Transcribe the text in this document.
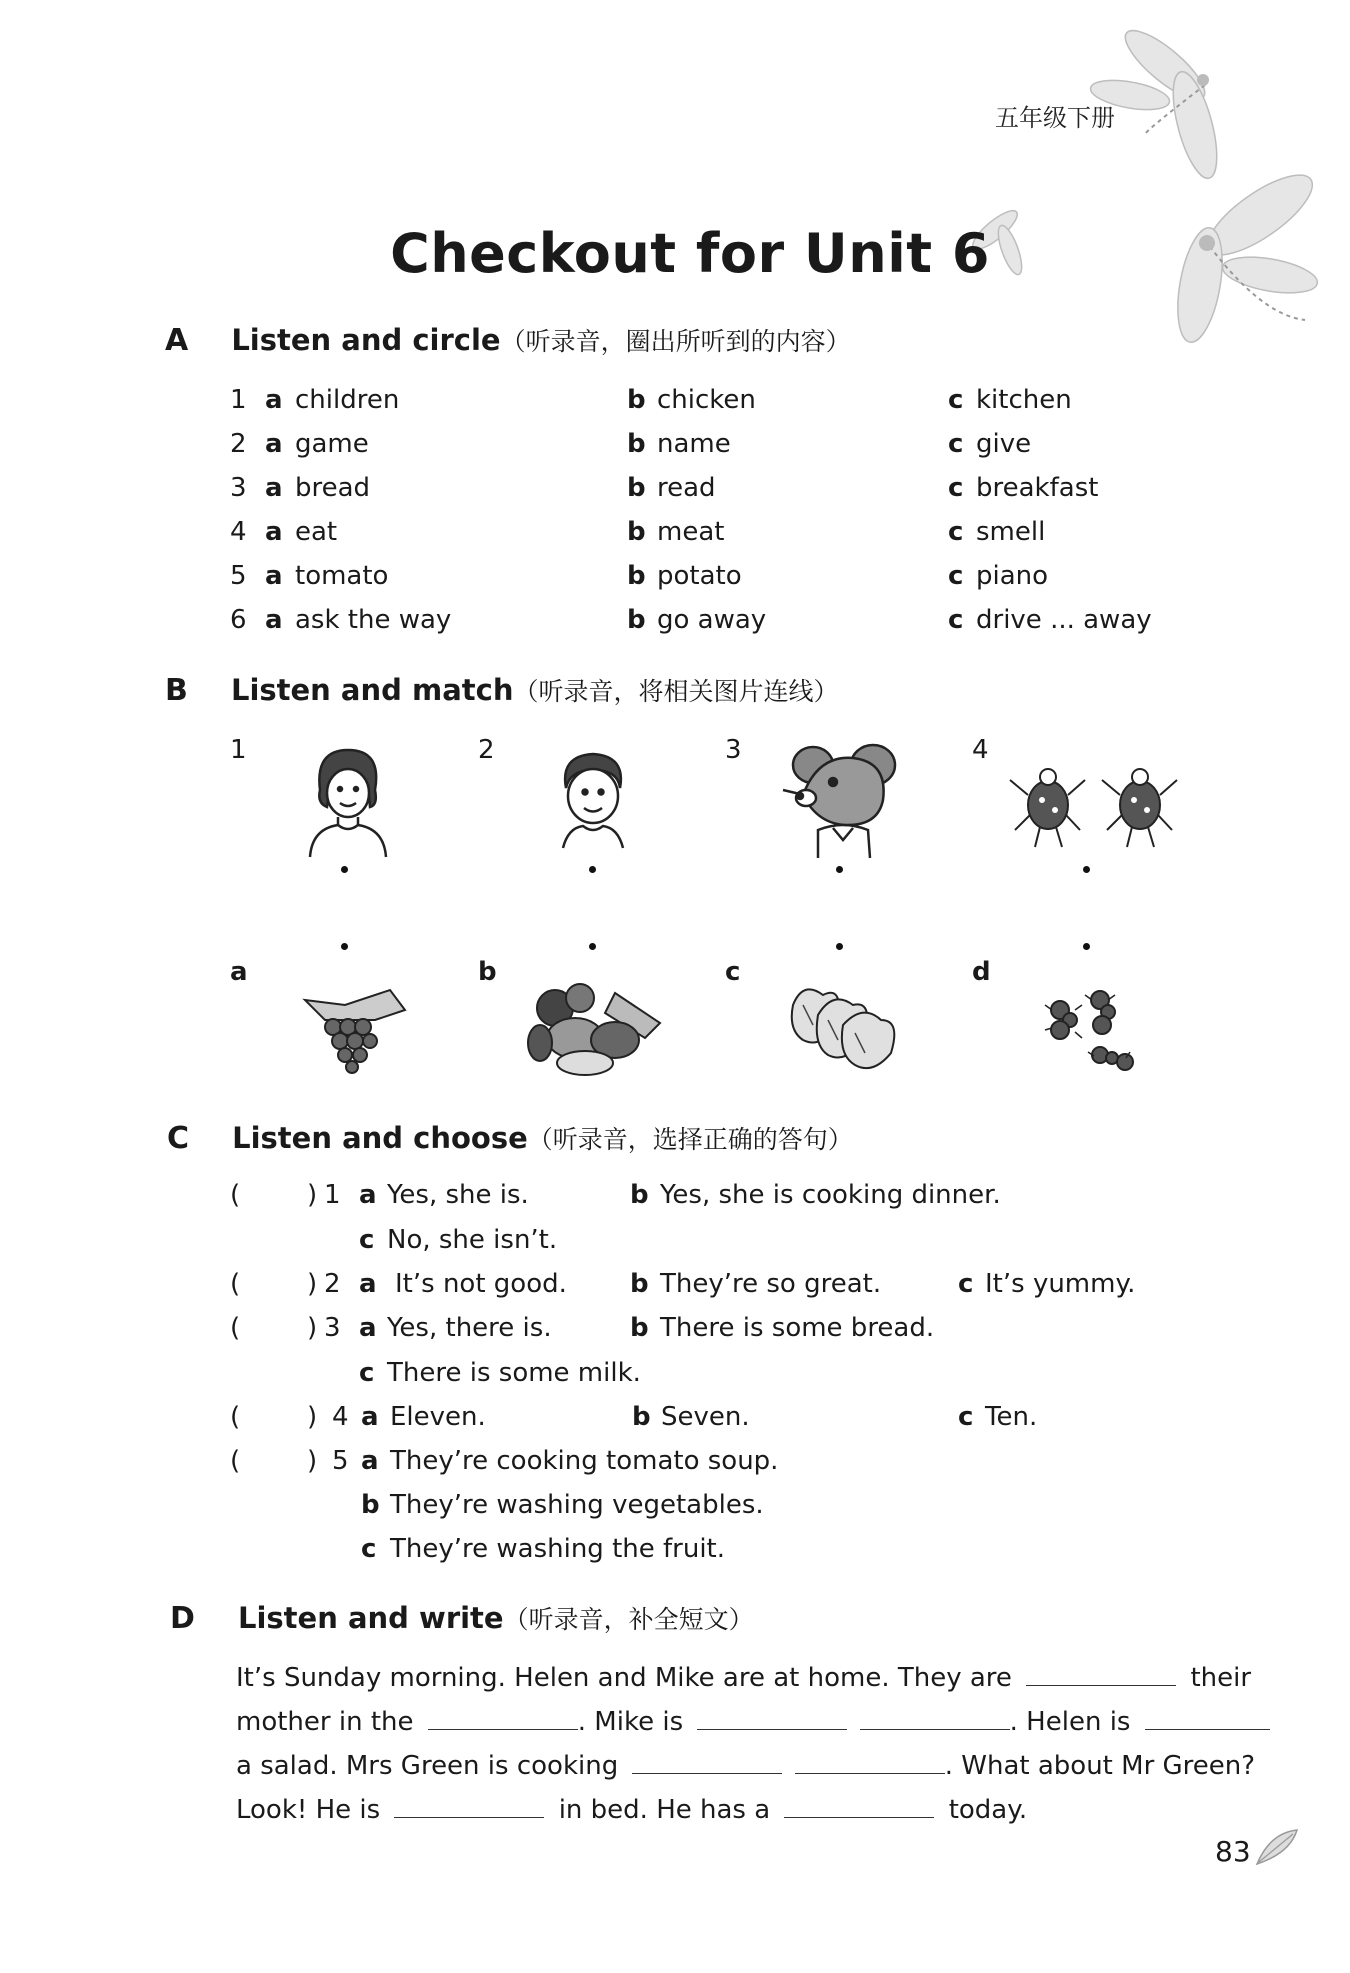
五年级下册
Checkout for Unit 6
A Listen and circle（听录音，圈出所听到的内容）
1 a children	b chicken	c kitchen
2 a game	b name	c give
3 a bread	b read	c breakfast
4 a eat	b meat	c smell
5 a tomato	b potato	c piano
6 a ask the way	b go away	c drive ... away
B Listen and match（听录音，将相关图片连线）
1	2	3	4
a	b	c	d
C Listen and choose（听录音，选择正确的答句）
(	) 1 a Yes, she is.	b Yes, she is cooking dinner.
c No, she isn’t.
(	) 2 a It’s not good. b They’re so great.	c It’s yummy.
(	) 3 a Yes, there is.	b There is some bread.
c There is some milk.
(	) 4 a Eleven.	b Seven.	c Ten.
(	) 5 a They’re cooking tomato soup.
b They’re washing vegetables.
c They’re washing the fruit.
D Listen and write（听录音，补全短文）
It’s Sunday morning. Helen and Mike are at home. They are	their
mother in the	. Mike is	. Helen is
a salad. Mrs Green is cooking	. What about Mr Green?
Look! He is	in bed. He has a	today.
83
